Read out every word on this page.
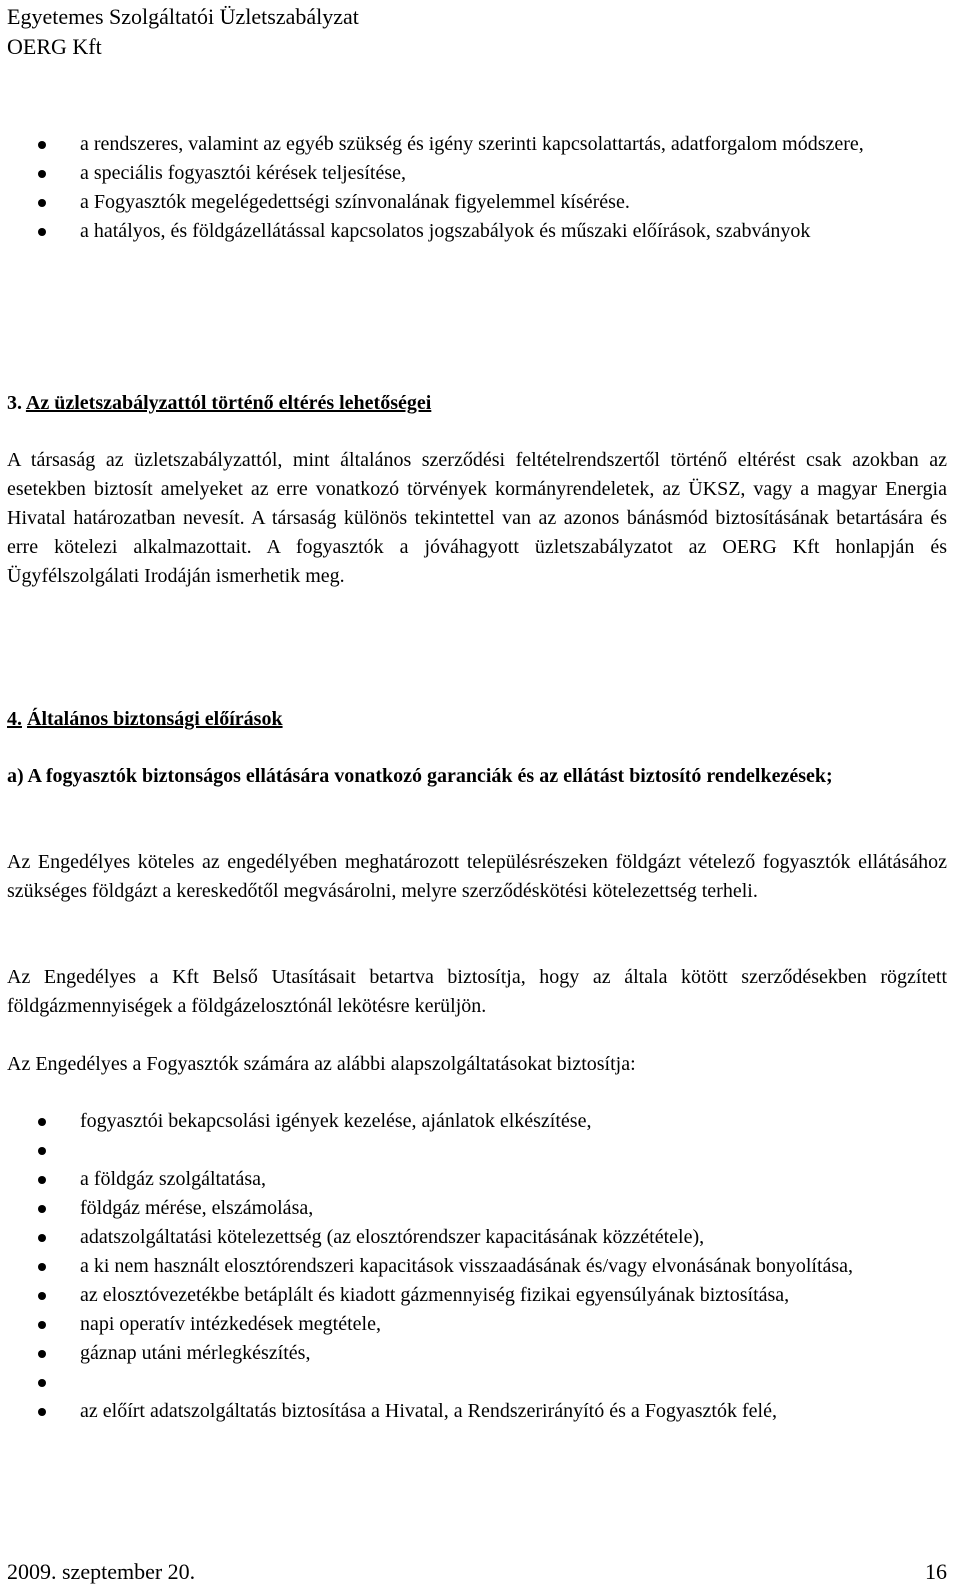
Egyetemes Szolgáltatói Üzletszabályzat
OERG Kft
a rendszeres, valamint az egyéb szükség és igény szerinti kapcsolattartás, adatforgalom módszere,
a speciális fogyasztói kérések teljesítése,
a Fogyasztók megelégedettségi színvonalának figyelemmel kísérése.
a hatályos, és földgázellátással kapcsolatos jogszabályok és műszaki előírások, szabványok
3. Az üzletszabályzattól történő eltérés lehetőségei
A társaság az üzletszabályzattól, mint általános szerződési feltételrendszertől történő eltérést csak azokban az esetekben biztosít amelyeket az erre vonatkozó törvények kormányrendeletek, az ÜKSZ, vagy a magyar Energia Hivatal határozatban nevesít. A társaság különös tekintettel van az azonos bánásmód biztosításának betartására és erre kötelezi alkalmazottait. A fogyasztók a jóváhagyott üzletszabályzatot az OERG Kft honlapján és Ügyfélszolgálati Irodáján ismerhetik meg.
4. Általános biztonsági előírások
a) A fogyasztók biztonságos ellátására vonatkozó garanciák és az ellátást biztosító rendelkezések;
Az Engedélyes köteles az engedélyében meghatározott településrészeken földgázt vételező fogyasztók ellátásához szükséges földgázt a kereskedőtől megvásárolni, melyre szerződéskötési kötelezettség terheli.
Az Engedélyes a Kft Belső Utasításait betartva biztosítja, hogy az általa kötött szerződésekben rögzített földgázmennyiségek a földgázelosztónál lekötésre kerüljön.
Az Engedélyes a Fogyasztók számára az alábbi alapszolgáltatásokat biztosítja:
fogyasztói bekapcsolási igények kezelése, ajánlatok elkészítése,
a földgáz szolgáltatása,
földgáz mérése, elszámolása,
adatszolgáltatási kötelezettség (az elosztórendszer kapacitásának közzététele),
a ki nem használt elosztórendszeri kapacitások visszaadásának és/vagy elvonásának bonyolítása,
az elosztóvezetékbe betáplált és kiadott gázmennyiség fizikai egyensúlyának biztosítása,
napi operatív intézkedések megtétele,
gáznap utáni mérlegkészítés,
az előírt adatszolgáltatás biztosítása a Hivatal, a Rendszerirányító és a Fogyasztók felé,
2009. szeptember 20.	16
